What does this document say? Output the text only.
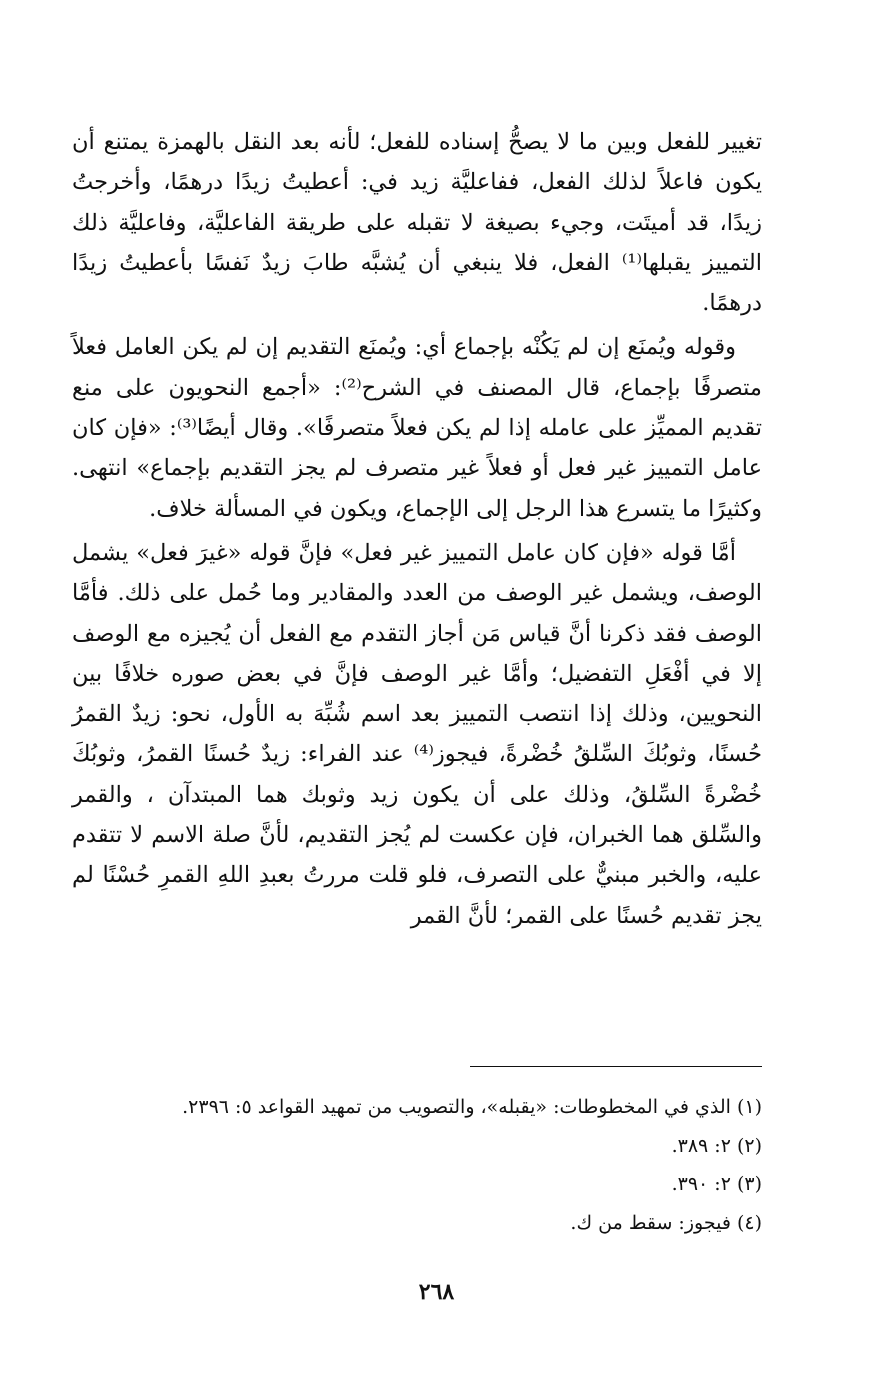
تغيير للفعل وبين ما لا يصحُّ إسناده للفعل؛ لأنه بعد النقل بالهمزة يمتنع أن يكون فاعلاً لذلك الفعل، ففاعليَّة زيد في: أعطيتُ زيدًا درهمًا، وأخرجتُ زيدًا، قد أميتَت، وجيء بصيغة لا تقبله على طريقة الفاعليَّة، وفاعليَّة ذلك التمييز يقبلها⁽¹⁾ الفعل، فلا ينبغي أن يُشبَّه طابَ زيدٌ نَفسًا بأعطيتُ زيدًا درهمًا.

وقوله ويُمنَع إن لم يَكُنْه بإجماع أي: ويُمنَع التقديم إن لم يكن العامل فعلاً متصرفًا بإجماع، قال المصنف في الشرح⁽²⁾: «أجمع النحويون على منع تقديم المميِّز على عامله إذا لم يكن فعلاً متصرفًا». وقال أيضًا⁽³⁾: «فإن كان عامل التمييز غير فعل أو فعلاً غير متصرف لم يجز التقديم بإجماع» انتهى. وكثيرًا ما يتسرع هذا الرجل إلى الإجماع، ويكون في المسألة خلاف.

أمَّا قوله «فإن كان عامل التمييز غير فعل» فإنَّ قوله «غيرَ فعل» يشمل الوصف، ويشمل غير الوصف من العدد والمقادير وما حُمل على ذلك. فأمَّا الوصف فقد ذكرنا أنَّ قياس مَن أجاز التقدم مع الفعل أن يُجيزه مع الوصف إلا في أفْعَلِ التفضيل؛ وأمَّا غير الوصف فإنَّ في بعض صوره خلافًا بين النحويين، وذلك إذا انتصب التمييز بعد اسم شُبِّهَ به الأول، نحو: زيدٌ القمرُ حُسنًا، وثوبُكَ السِّلقُ خُضْرةً، فيجوز⁽⁴⁾ عند الفراء: زيدٌ حُسنًا القمرُ، وثوبُكَ خُضْرةً السِّلقُ، وذلك على أن يكون زيد وثوبك هما المبتدآن ، والقمر والسِّلق هما الخبران، فإن عكست لم يُجز التقديم، لأنَّ صلة الاسم لا تتقدم عليه، والخبر مبنيٌّ على التصرف، فلو قلت مررتُ بعبدِ اللهِ القمرِ حُسْنًا لم يجز تقديم حُسنًا على القمر؛ لأنَّ القمر

(١) الذي في المخطوطات: «يقبله»، والتصويب من تمهيد القواعد ٥: ٢٣٩٦.

(٢) ٢: ٣٨٩.

(٣) ٢: ٣٩٠.

(٤) فيجوز: سقط من ك.

٢٦٨
